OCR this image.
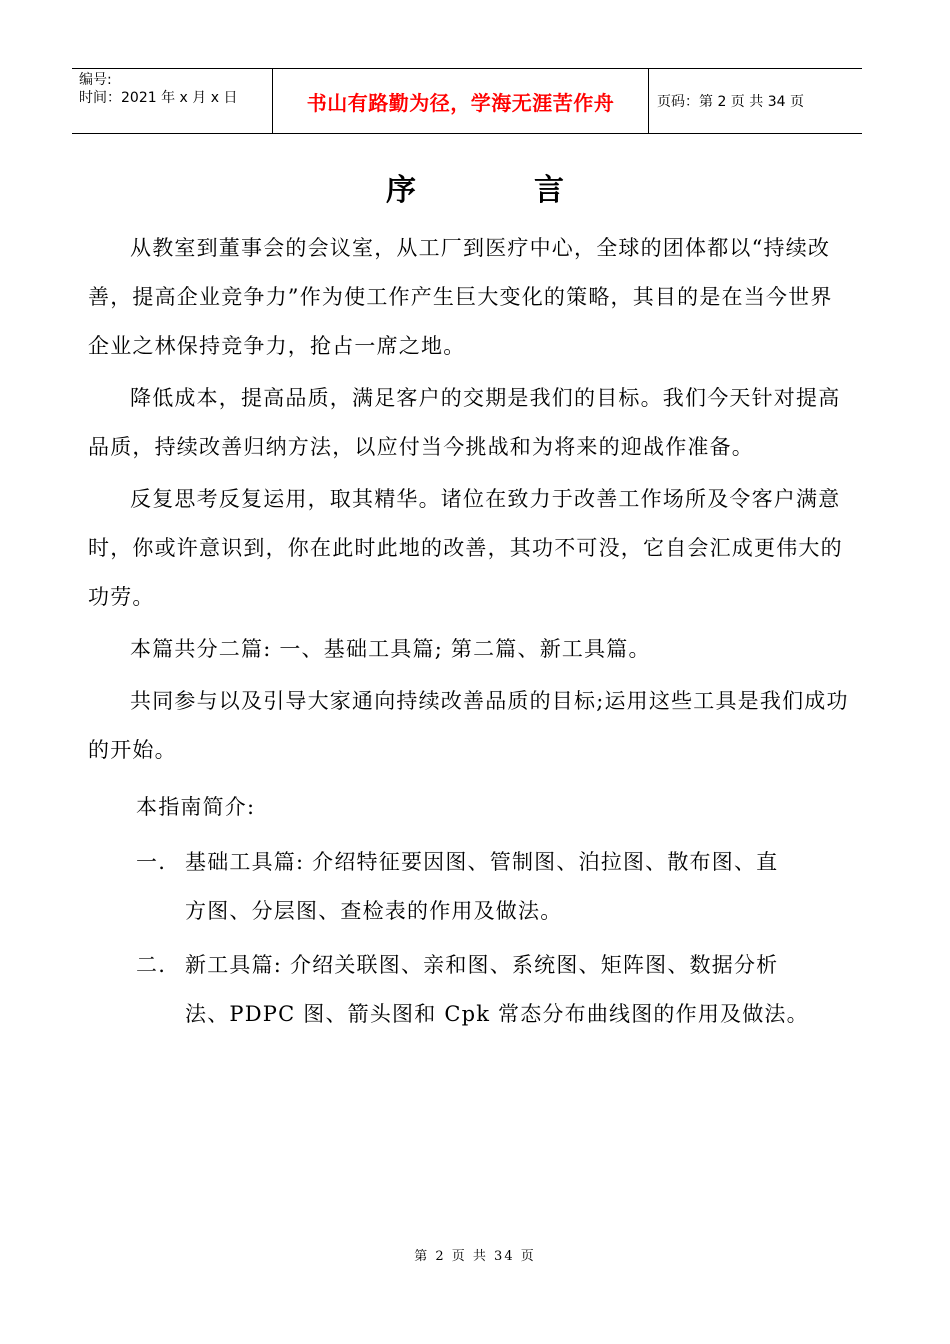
编号:
时间：2021 年 x 月 x 日	书山有路勤为径，学海无涯苦作舟	页码：第 2 页 共 34 页
序	言

从教室到董事会的会议室，从工厂到医疗中心，全球的团体都以“持续改善，提高企业竞争力”作为使工作产生巨大变化的策略，其目的是在当今世界企业之林保持竞争力，抢占一席之地。

降低成本，提高品质，满足客户的交期是我们的目标。我们今天针对提高品质，持续改善归纳方法，以应付当今挑战和为将来的迎战作准备。

反复思考反复运用，取其精华。诸位在致力于改善工作场所及令客户满意时，你或许意识到，你在此时此地的改善，其功不可没，它自会汇成更伟大的功劳。

本篇共分二篇: 一、基础工具篇; 第二篇、新工具篇。

共同参与以及引导大家通向持续改善品质的目标;运用这些工具是我们成功的开始。

本指南简介:
一. 基础工具篇: 介绍特征要因图、管制图、泊拉图、散布图、直
方图、分层图、查检表的作用及做法。
二. 新工具篇: 介绍关联图、亲和图、系统图、矩阵图、数据分析
法、PDPC 图、箭头图和 Cpk 常态分布曲线图的作用及做法。
第 2 页 共 34 页
